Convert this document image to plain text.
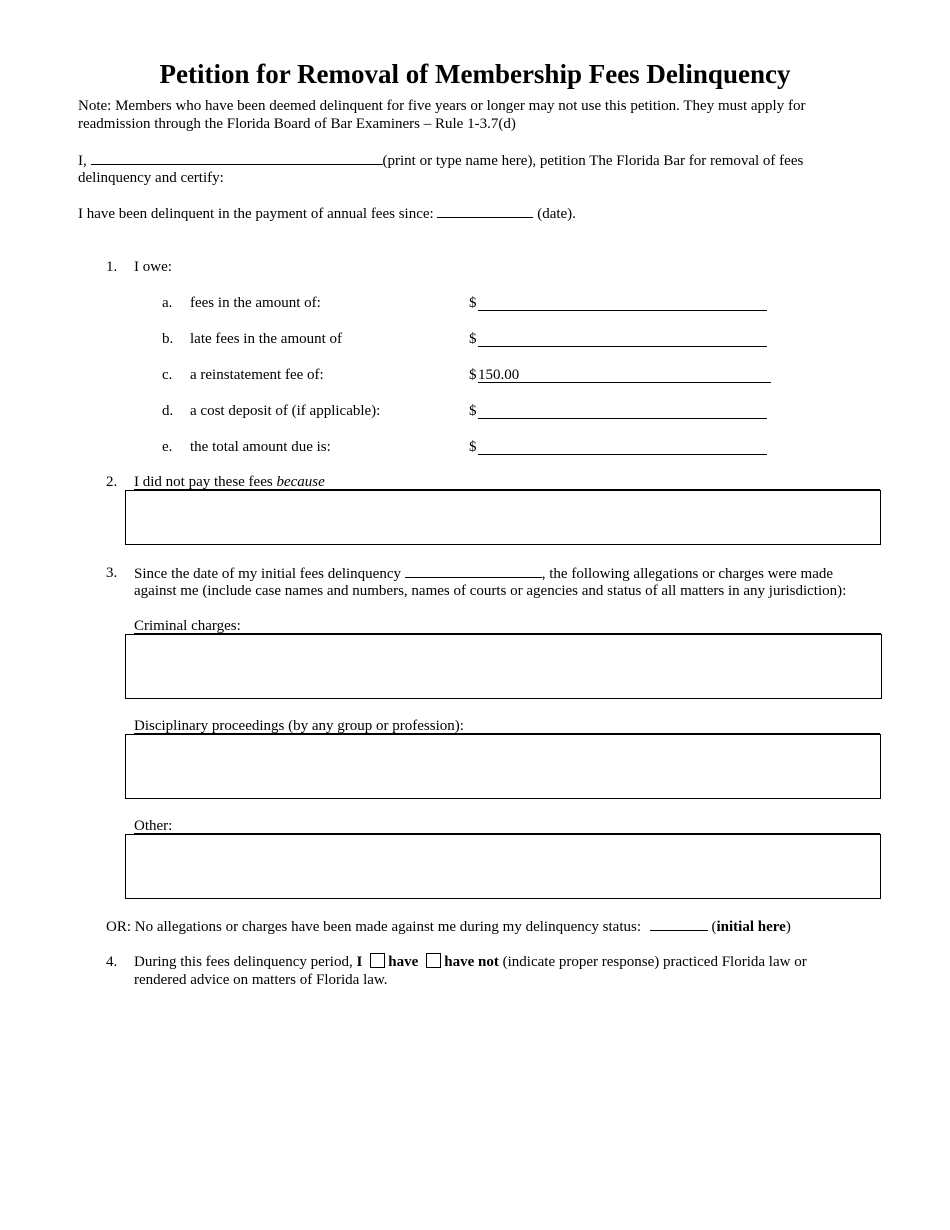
Petition for Removal of Membership Fees Delinquency
Note: Members who have been deemed delinquent for five years or longer may not use this petition. They must apply for readmission through the Florida Board of Bar Examiners – Rule 1-3.7(d)
I,	(print or type name here), petition The Florida Bar for removal of fees
delinquency and certify:
I have been delinquent in the payment of annual fees since:	(date).
1. I owe:
a. fees in the amount of:	$
b. late fees in the amount of	$
c. a reinstatement fee of:	$ 150.00
d. a cost deposit of (if applicable):	$
e. the total amount due is:	$
2. I did not pay these fees because
3. Since the date of my initial fees delinquency	, the following allegations or charges were made
against me (include case names and numbers, names of courts or agencies and status of all matters in any jurisdiction):
Criminal charges:
Disciplinary proceedings (by any group or profession):
Other:
OR: No allegations or charges have been made against me during my delinquency status:	(initial here)
4. During this fees delinquency period, I have have not (indicate proper response) practiced Florida law or
rendered advice on matters of Florida law.
